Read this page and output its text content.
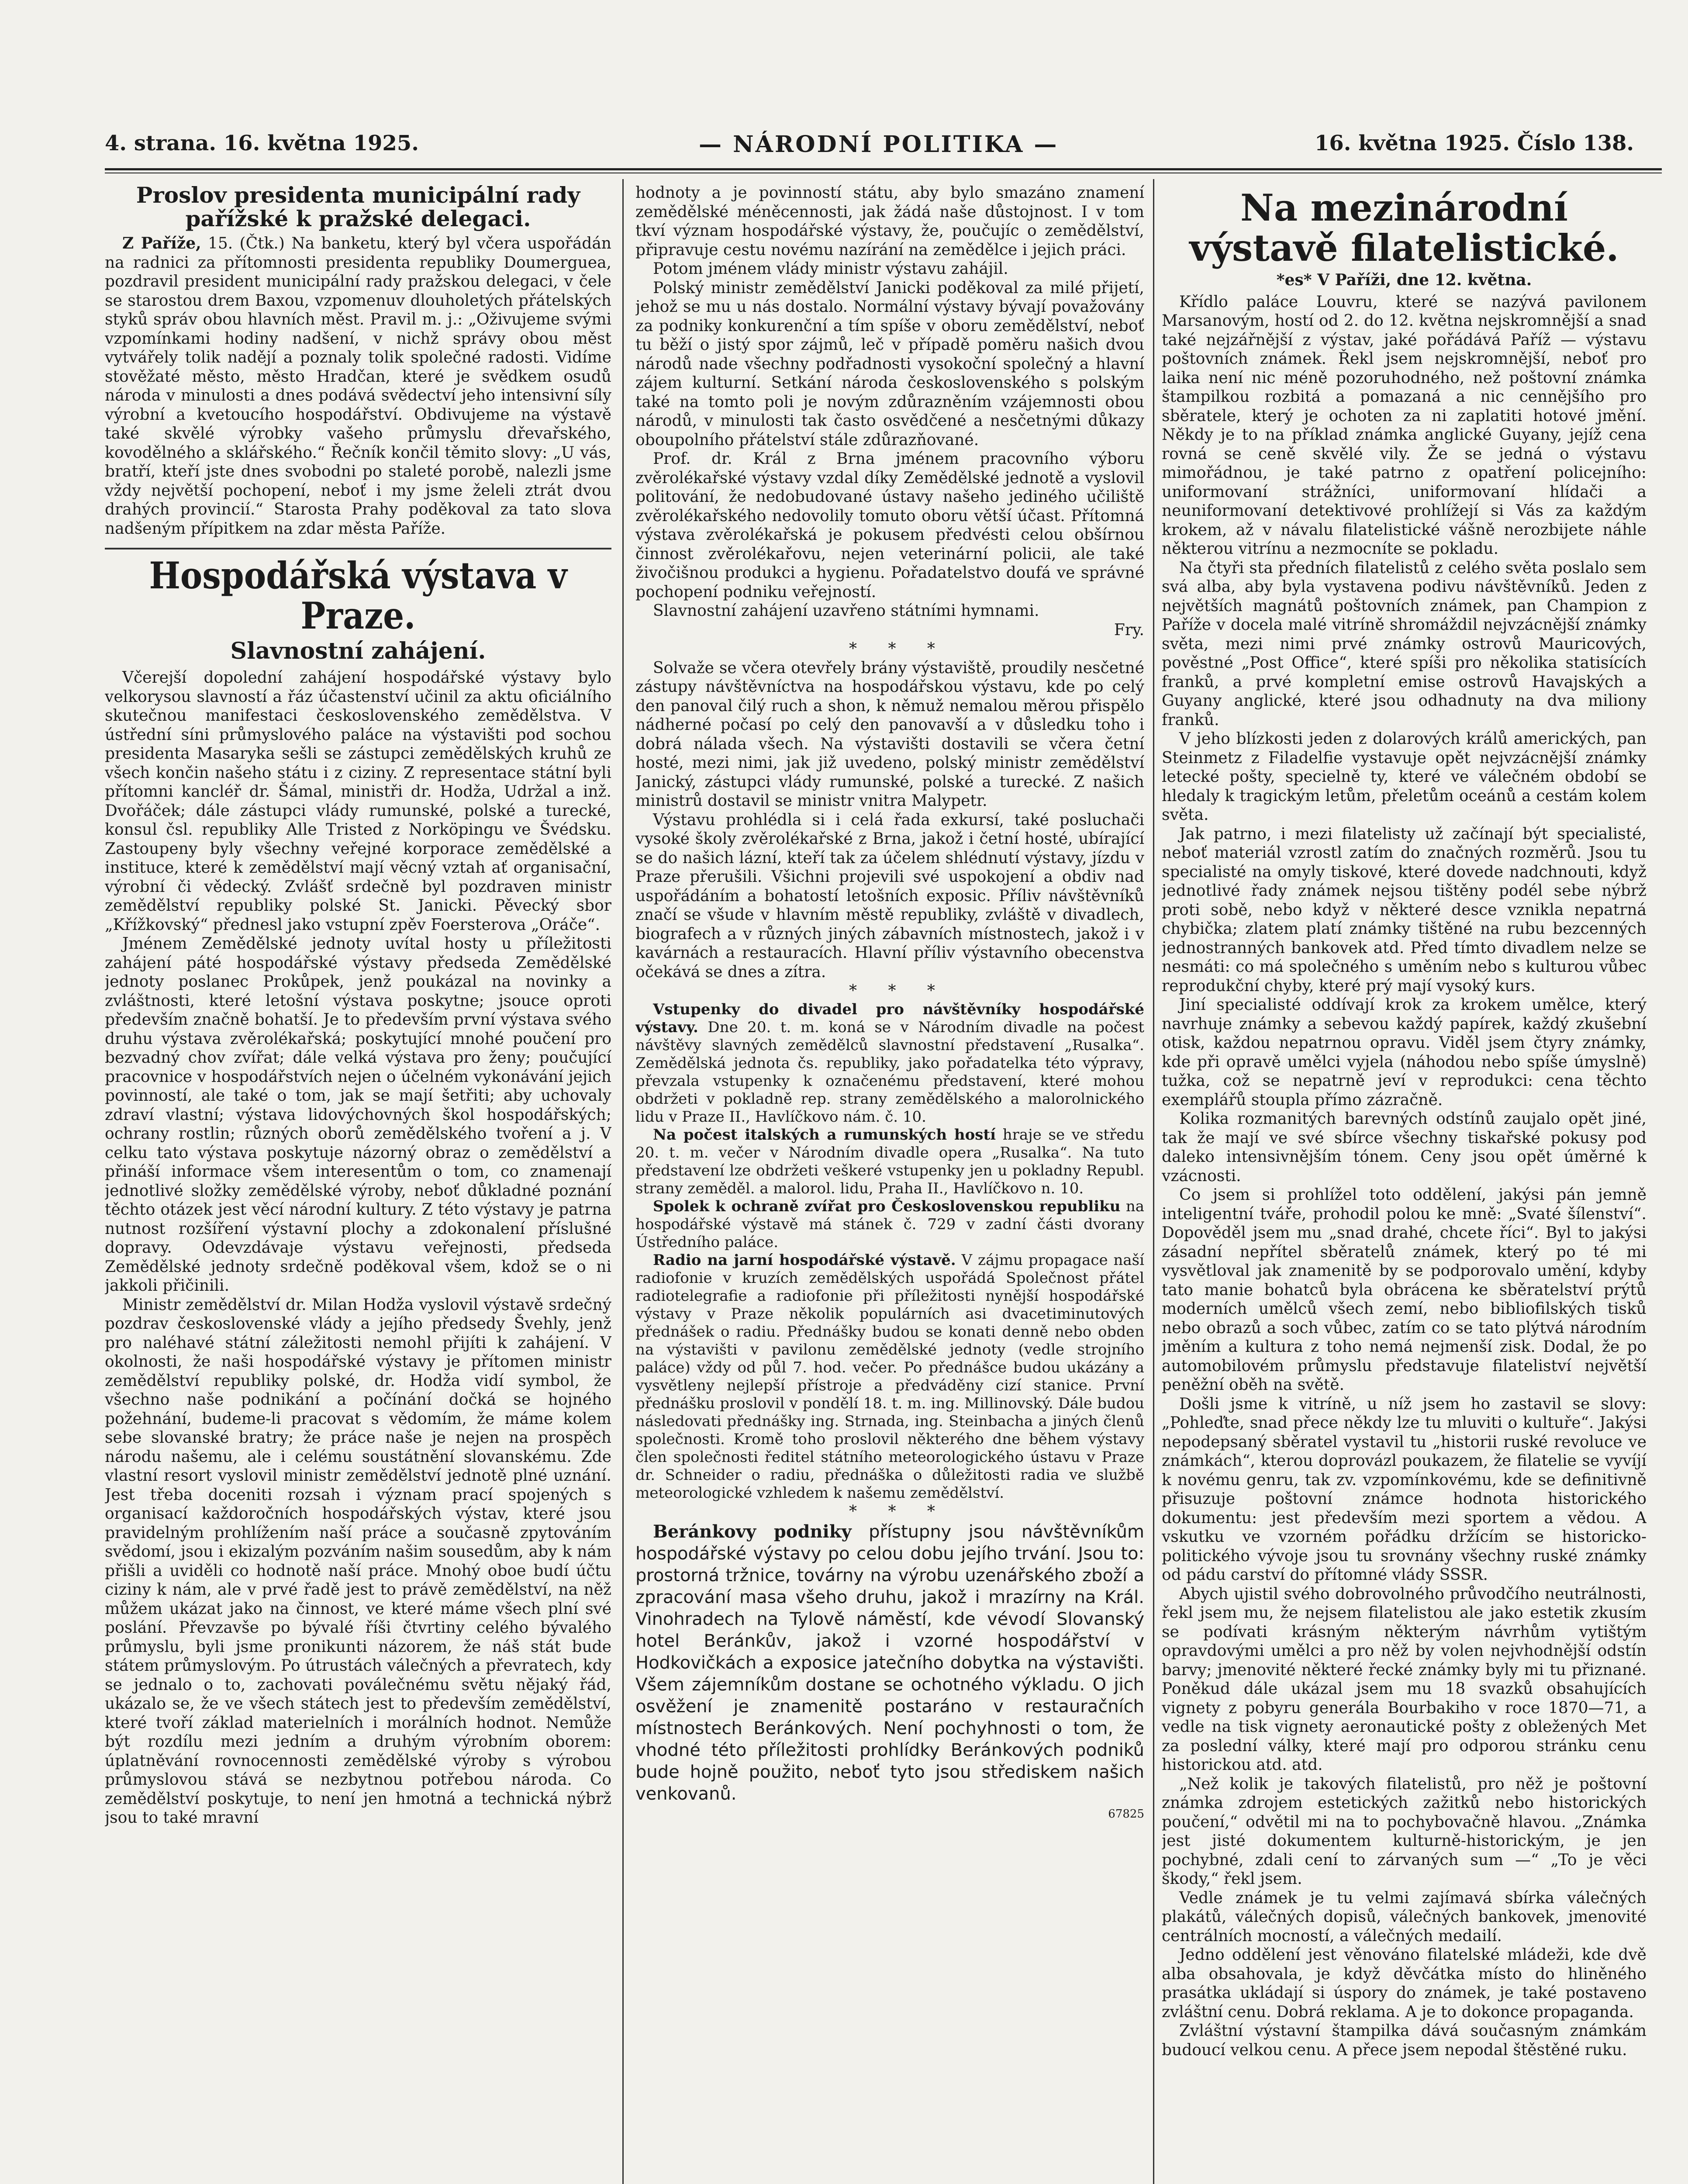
4. strana. 16. května 1925.	— NÁRODNÍ POLITIKA —	16. května 1925. Číslo 138.
Proslov presidenta municipální rady pařížské k pražské delegaci.

Z Paříže, 15. (Čtk.) Na banketu, který byl včera uspořádán na radnici za přítomnosti presidenta republiky Doumerguea, pozdravil president municipální rady pražskou delegaci, v čele se starostou drem Baxou, vzpomenuv dlouholetých přátelských styků správ obou hlavních měst. Pravil m. j.: „Oživujeme svými vzpomínkami hodiny nadšení, v nichž správy obou měst vytvářely tolik nadějí a poznaly tolik společné radosti. Vidíme stověžaté město, město Hradčan, které je svědkem osudů národa v minulosti a dnes podává svědectví jeho intensivní síly výrobní a kvetoucího hospodářství. Obdivujeme na výstavě také skvělé výrobky vašeho průmyslu dřevařského, kovodělného a sklářského.“ Řečník končil těmito slovy: „U vás, bratří, kteří jste dnes svobodni po staleté porobě, nalezli jsme vždy největší pochopení, neboť i my jsme želeli ztrát dvou drahých provincií.“ Starosta Prahy poděkoval za tato slova nadšeným přípitkem na zdar města Paříže.

Hospodářská výstava v Praze.
Slavnostní zahájení.

Včerejší dopolední zahájení hospodářské výstavy bylo velkorysou slavností a řáz účastenství učinil za aktu oficiálního skutečnou manifestaci československého zemědělstva. V ústřední síni průmyslového paláce na výstavišti pod sochou presidenta Masaryka sešli se zástupci zemědělských kruhů ze všech končin našeho státu i z ciziny. Z representace státní byli přítomni kancléř dr. Šámal, ministři dr. Hodža, Udržal a inž. Dvořáček; dále zástupci vlády rumunské, polské a turecké, konsul čsl. republiky Alle Tristed z Norköpingu ve Švédsku. Zastoupeny byly všechny veřejné korporace zemědělské a instituce, které k zemědělství mají věcný vztah ať organisační, výrobní či vědecký. Zvlášť srdečně byl pozdraven ministr zemědělství republiky polské St. Janicki. Pěvecký sbor „Křížkovský“ přednesl jako vstupní zpěv Foersterova „Oráče“.

Jménem Zemědělské jednoty uvítal hosty u příležitosti zahájení páté hospodářské výstavy předseda Zemědělské jednoty poslanec Prokůpek, jenž poukázal na novinky a zvláštnosti, které letošní výstava poskytne; jsouce oproti především značně bohatší. Je to především první výstava svého druhu výstava zvěrolékařská; poskytující mnohé poučení pro bezvadný chov zvířat; dále velká výstava pro ženy; poučující pracovnice v hospodářstvích nejen o účelném vykonávání jejich povinností, ale také o tom, jak se mají šetřiti; aby uchovaly zdraví vlastní; výstava lidovýchovných škol hospodářských; ochrany rostlin; různých oborů zemědělského tvoření a j. V celku tato výstava poskytuje názorný obraz o zemědělství a přináší informace všem interesentům o tom, co znamenají jednotlivé složky zemědělské výroby, neboť důkladné poznání těchto otázek jest věcí národní kultury. Z této výstavy je patrna nutnost rozšíření výstavní plochy a zdokonalení příslušné dopravy. Odevzdávaje výstavu veřejnosti, předseda Zemědělské jednoty srdečně poděkoval všem, kdož se o ni jakkoli přičinili.

Ministr zemědělství dr. Milan Hodža vyslovil výstavě srdečný pozdrav československé vlády a jejího předsedy Švehly, jenž pro naléhavé státní záležitosti nemohl přijíti k zahájení. V okolnosti, že naši hospodářské výstavy je přítomen ministr zemědělství republiky polské, dr. Hodža vidí symbol, že všechno naše podnikání a počínání dočká se hojného požehnání, budeme-li pracovat s vědomím, že máme kolem sebe slovanské bratry; že práce naše je nejen na prospěch národu našemu, ale i celému soustátnění slovanskému. Zde vlastní resort vyslovil ministr zemědělství jednotě plné uznání. Jest třeba doceniti rozsah i význam prací spojených s organisací každoročních hospodářských výstav, které jsou pravidelným prohlížením naší práce a současně zpytováním svědomí, jsou i ekizalým pozváním našim sousedům, aby k nám přišli a uviděli co hodnotě naší práce. Mnohý oboe budí účtu ciziny k nám, ale v prvé řadě jest to právě zemědělství, na něž můžem ukázat jako na činnost, ve které máme všech plní své poslání. Převzavše po bývalé říši čtvrtiny celého bývalého průmyslu, byli jsme pronikunti názorem, že náš stát bude státem průmyslovým. Po útrustách válečných a převratech, kdy se jednalo o to, zachovati poválečnému světu nějaký řád, ukázalo se, že ve všech státech jest to především zemědělství, které tvoří základ materielních i morálních hodnot. Nemůže být rozdílu mezi jedním a druhým výrobním oborem: úplatněvání rovnocennosti zemědělské výroby s výrobou průmyslovou stává se nezbytnou potřebou národa. Co zemědělství poskytuje, to není jen hmotná a technická nýbrž jsou to také mravní

hodnoty a je povinností státu, aby bylo smazáno znamení zemědělské méněcennosti, jak žádá naše důstojnost. I v tom tkví význam hospodářské výstavy, že, poučujíc o zemědělství, připravuje cestu novému nazírání na zemědělce i jejich práci.

Potom jménem vlády ministr výstavu zahájil.

Polský ministr zemědělství Janicki poděkoval za milé přijetí, jehož se mu u nás dostalo. Normální výstavy bývají považovány za podniky konkurenční a tím spíše v oboru zemědělství, neboť tu běží o jistý spor zájmů, leč v případě poměru našich dvou národů nade všechny podřadnosti vysokoční společný a hlavní zájem kulturní. Setkání národa československého s polským také na tomto poli je novým zdůrazněním vzájemnosti obou národů, v minulosti tak často osvědčené a nesčetnými důkazy oboupolního přátelství stále zdůrazňované.

Prof. dr. Král z Brna jménem pracovního výboru zvěrolékařské výstavy vzdal díky Zemědělské jednotě a vyslovil politování, že nedobudované ústavy našeho jediného učiliště zvěrolékařského nedovolily tomuto oboru větší účast. Přítomná výstava zvěrolékařská je pokusem předvésti celou obšírnou činnost zvěrolékařovu, nejen veterinární policii, ale také živočišnou produkci a hygienu. Pořadatelstvo doufá ve správné pochopení podniku veřejností.

Slavnostní zahájení uzavřeno státními hymnami.

Fry.

* * *

Solvaže se včera otevřely brány výstaviště, proudily nesčetné zástupy návštěvníctva na hospodářskou výstavu, kde po celý den panoval čilý ruch a shon, k němuž nemalou měrou přispělo nádherné počasí po celý den panovavší a v důsledku toho i dobrá nálada všech. Na výstavišti dostavili se včera četní hosté, mezi nimi, jak již uvedeno, polský ministr zemědělství Janický, zástupci vlády rumunské, polské a turecké. Z našich ministrů dostavil se ministr vnitra Malypetr.

Výstavu prohlédla si i celá řada exkursí, také posluchači vysoké školy zvěrolékařské z Brna, jakož i četní hosté, ubírající se do našich lázní, kteří tak za účelem shlédnutí výstavy, jízdu v Praze přerušili. Všichni projevili své uspokojení a obdiv nad uspořádáním a bohatostí letošních exposic. Příliv návštěvníků značí se všude v hlavním městě republiky, zvláště v divadlech, biografech a v různých jiných zábavních místnostech, jakož i v kavárnách a restauracích. Hlavní příliv výstavního obecenstva očekává se dnes a zítra.

* * *

Vstupenky do divadel pro návštěvníky hospodářské výstavy. Dne 20. t. m. koná se v Národním divadle na počest návštěvy slavných zemědělců slavnostní představení „Rusalka“. Zemědělská jednota čs. republiky, jako pořadatelka této výpravy, převzala vstupenky k označenému představení, které mohou obdržeti v pokladně rep. strany zemědělského a malorolnického lidu v Praze II., Havlíčkovo nám. č. 10.

Na počest italských a rumunských hostí hraje se ve středu 20. t. m. večer v Národním divadle opera „Rusalka“. Na tuto představení lze obdržeti veškeré vstupenky jen u pokladny Republ. strany zeměděl. a malorol. lidu, Praha II., Havlíčkovo n. 10.

Spolek k ochraně zvířat pro Československou republiku na hospodářské výstavě má stánek č. 729 v zadní části dvorany Ústředního paláce.

Radio na jarní hospodářské výstavě. V zájmu propagace naší radiofonie v kruzích zemědělských uspořádá Společnost přátel radiotelegrafie a radiofonie při příležitosti nynější hospodářské výstavy v Praze několik populárních asi dvacetiminutových přednášek o radiu. Přednášky budou se konati denně nebo obden na výstavišti v pavilonu zemědělské jednoty (vedle strojního paláce) vždy od půl 7. hod. večer. Po přednášce budou ukázány a vysvětleny nejlepší přístroje a předváděny cizí stanice. První přednášku proslovil v pondělí 18. t. m. ing. Millinovský. Dále budou následovati přednášky ing. Strnada, ing. Steinbacha a jiných členů společnosti. Kromě toho proslovil některého dne během výstavy člen společnosti ředitel státního meteorologického ústavu v Praze dr. Schneider o radiu, přednáška o důležitosti radia ve službě meteorologické vzhledem k našemu zemědělství.

* * *

Beránkovy podniky přístupny jsou návštěvníkům hospodářské výstavy po celou dobu jejího trvání. Jsou to: prostorná tržnice, továrny na výrobu uzenářského zboží a zpracování masa všeho druhu, jakož i mrazírny na Král. Vinohradech na Tylově náměstí, kde vévodí Slovanský hotel Beránkův, jakož i vzorné hospodářství v Hodkovičkách a exposice jatečního dobytka na výstavišti. Všem zájemníkům dostane se ochotného výkladu. O jich osvěžení je znamenitě postaráno v restauračních místnostech Beránkových. Není pochyhnosti o tom, že vhodné této příležitosti prohlídky Beránkových podniků bude hojně použito, neboť tyto jsou střediskem našich venkovanů.

67825

Na mezinárodní výstavě filatelistické.
*es* V Paříži, dne 12. května.

Křídlo paláce Louvru, které se nazývá pavilonem Marsanovým, hostí od 2. do 12. května nejskromnější a snad také nejzářnější z výstav, jaké pořádává Paříž — výstavu poštovních známek. Řekl jsem nejskromnější, neboť pro laika není nic méně pozoruhodného, než poštovní známka štampilkou rozbitá a pomazaná a nic cennějšího pro sběratele, který je ochoten za ni zaplatiti hotové jmění. Někdy je to na příklad známka anglické Guyany, jejíž cena rovná se ceně skvělé vily. Že se jedná o výstavu mimořádnou, je také patrno z opatření policejního: uniformovaní strážníci, uniformovaní hlídači a neuniformovaní detektivové prohlížejí si Vás za každým krokem, až v návalu filatelistické vášně nerozbijete náhle některou vitrínu a nezmocníte se pokladu.

Na čtyři sta předních filatelistů z celého světa poslalo sem svá alba, aby byla vystavena podivu návštěvníků. Jeden z největších magnátů poštovních známek, pan Champion z Paříže v docela malé vitríně shromáždil nejvzácnější známky světa, mezi nimi prvé známky ostrovů Mauricových, pověstné „Post Office“, které spíši pro několika statisících franků, a prvé kompletní emise ostrovů Havajských a Guyany anglické, které jsou odhadnuty na dva miliony franků.

V jeho blízkosti jeden z dolarových králů amerických, pan Steinmetz z Filadelfie vystavuje opět nejvzácnější známky letecké pošty, specielně ty, které ve válečném období se hledaly k tragickým letům, přeletům oceánů a cestám kolem světa.

Jak patrno, i mezi filatelisty už začínají být specialisté, neboť materiál vzrostl zatím do značných rozměrů. Jsou tu specialisté na omyly tiskové, které dovede nadchnouti, když jednotlivé řady známek nejsou tištěny podél sebe nýbrž proti sobě, nebo když v některé desce vznikla nepatrná chybička; zlatem platí známky tištěné na rubu bezcenných jednostranných bankovek atd. Před tímto divadlem nelze se nesmáti: co má společného s uměním nebo s kulturou vůbec reprodukční chyby, které prý mají vysoký kurs.

Jiní specialisté oddívají krok za krokem umělce, který navrhuje známky a sebevou každý papírek, každý zkušební otisk, každou nepatrnou opravu. Viděl jsem čtyry známky, kde při opravě umělci vyjela (náhodou nebo spíše úmyslně) tužka, což se nepatrně jeví v reprodukci: cena těchto exemplářů stoupla přímo zázračně.

Kolika rozmanitých barevných odstínů zaujalo opět jiné, tak že mají ve své sbírce všechny tiskařské pokusy pod daleko intensivnějším tónem. Ceny jsou opět úměrné k vzácnosti.

Co jsem si prohlížel toto oddělení, jakýsi pán jemně inteligentní tváře, prohodil polou ke mně: „Svaté šílenství“. Dopověděl jsem mu „snad drahé, chcete říci“. Byl to jakýsi zásadní nepřítel sběratelů známek, který po té mi vysvětloval jak znamenitě by se podporovalo umění, kdyby tato manie bohatců byla obrácena ke sběratelství prýtů moderních umělců všech zemí, nebo bibliofilských tisků nebo obrazů a soch vůbec, zatím co se tato plýtvá národním jměním a kultura z toho nemá nejmenší zisk. Dodal, že po automobilovém průmyslu představuje filateliství největší peněžní oběh na světě.

Došli jsme k vitríně, u níž jsem ho zastavil se slovy: „Pohleďte, snad přece někdy lze tu mluviti o kultuře“. Jakýsi nepodepsaný sběratel vystavil tu „historii ruské revoluce ve známkách“, kterou doprovázl poukazem, že filatelie se vyvíjí k novému genru, tak zv. vzpomínkovému, kde se definitivně přisuzuje poštovní známce hodnota historického dokumentu: jest především mezi sportem a vědou. A vskutku ve vzorném pořádku držícím se historicko-politického vývoje jsou tu srovnány všechny ruské známky od pádu carství do přítomné vlády SSSR.

Abych ujistil svého dobrovolného průvodčího neutrálnosti, řekl jsem mu, že nejsem filatelistou ale jako estetik zkusím se podívati krásným některým návrhům vytištým opravdovými umělci a pro něž by volen nejvhodnější odstín barvy; jmenovité některé řecké známky byly mi tu přiznané. Poněkud dále ukázal jsem mu 18 svazků obsahujících vignety z pobyru generála Bourbakiho v roce 1870—71, a vedle na tisk vignety aeronautické pošty z obležených Met za poslední války, které mají pro odporou stránku cenu historickou atd. atd.

„Než kolik je takových filatelistů, pro něž je poštovní známka zdrojem estetických zažitků nebo historických poučení,“ odvětil mi na to pochybovačně hlavou. „Známka jest jisté dokumentem kulturně-historickým, je jen pochybné, zdali cení to zárvaných sum —“ „To je věci škody,“ řekl jsem.

Vedle známek je tu velmi zajímavá sbírka válečných plakátů, válečných dopisů, válečných bankovek, jmenovité centrálních mocností, a válečných medailí.

Jedno oddělení jest věnováno filatelské mládeži, kde dvě alba obsahovala, je když děvčátka místo do hliněného prasátka ukládají si úspory do známek, je také postaveno zvláštní cenu. Dobrá reklama. A je to dokonce propaganda.

Zvláštní výstavní štampilka dává současným známkám budoucí velkou cenu. A přece jsem nepodal štěstěné ruku.
